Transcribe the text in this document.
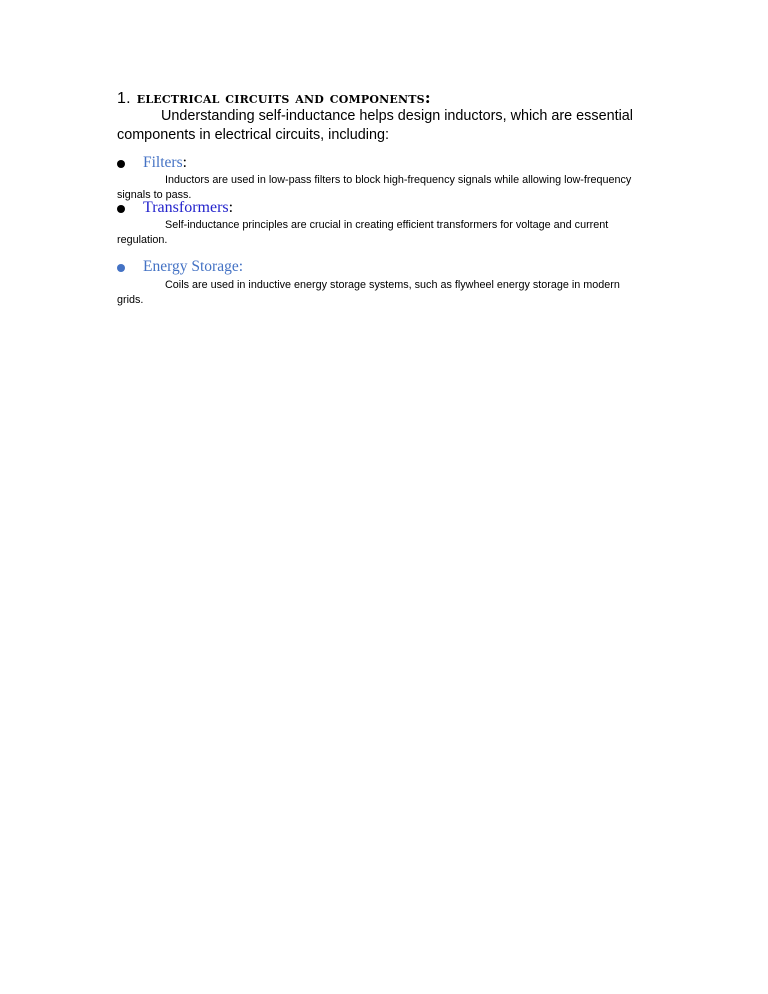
1. electrical circuits and components:

Understanding self-inductance helps design inductors, which are essential components in electrical circuits, including:

Filters:

Inductors are used in low-pass filters to block high-frequency signals while allowing low-frequency signals to pass.

Transformers:

Self-inductance principles are crucial in creating efficient transformers for voltage and current regulation.

Energy Storage:

Coils are used in inductive energy storage systems, such as flywheel energy storage in modern grids.
